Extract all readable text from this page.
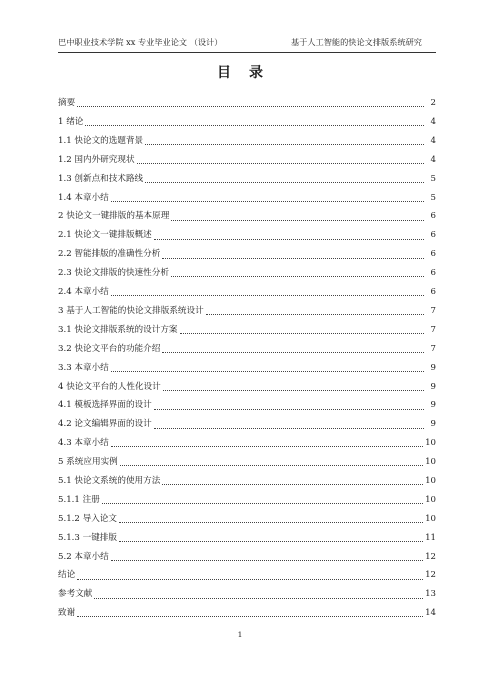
巴中职业技术学院 xx 专业毕业论文 （设计）	基于人工智能的快论文排版系统研究
目录
摘要	2
1 绪论	4
1.1 快论文的选题背景	4
1.2 国内外研究现状	4
1.3 创新点和技术路线	5
1.4 本章小结	5
2 快论文一键排版的基本原理	6
2.1 快论文一键排版概述	6
2.2 智能排版的准确性分析	6
2.3 快论文排版的快速性分析	6
2.4 本章小结	6
3 基于人工智能的快论文排版系统设计	7
3.1 快论文排版系统的设计方案	7
3.2 快论文平台的功能介绍	7
3.3 本章小结	9
4 快论文平台的人性化设计	9
4.1 模板选择界面的设计	9
4.2 论文编辑界面的设计	9
4.3 本章小结	10
5 系统应用实例	10
5.1 快论文系统的使用方法	10
5.1.1 注册	10
5.1.2 导入论文	10
5.1.3 一键排版	11
5.2 本章小结	12
结论	12
参考文献	13
致谢	14
1
